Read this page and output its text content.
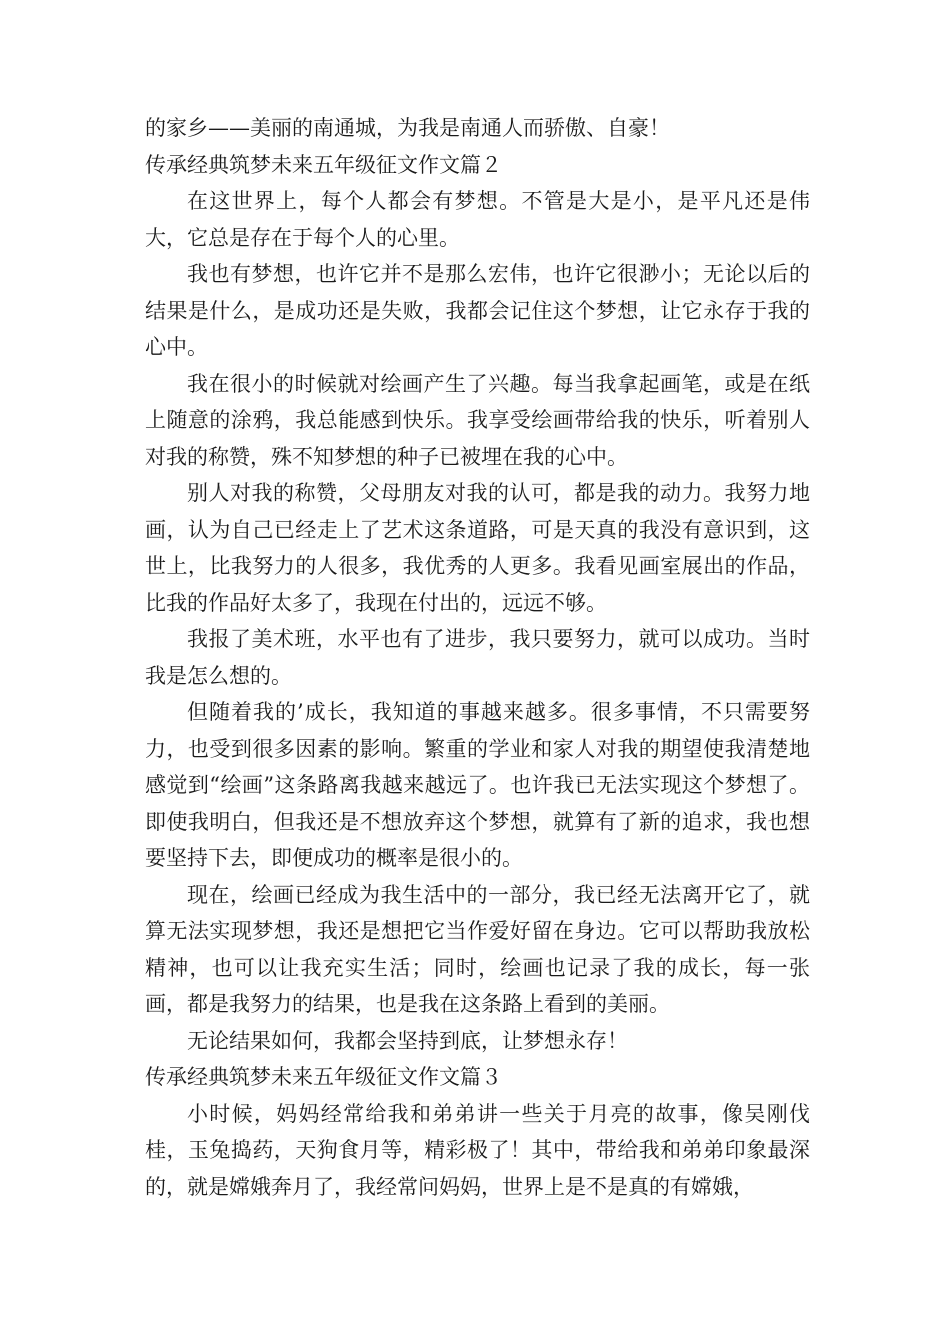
的家乡——美丽的南通城，为我是南通人而骄傲、自豪！

传承经典筑梦未来五年级征文作文篇２

在这世界上，每个人都会有梦想。不管是大是小，是平凡还是伟大，它总是存在于每个人的心里。

我也有梦想，也许它并不是那么宏伟，也许它很渺小；无论以后的结果是什么，是成功还是失败，我都会记住这个梦想，让它永存于我的心中。

我在很小的时候就对绘画产生了兴趣。每当我拿起画笔，或是在纸上随意的涂鸦，我总能感到快乐。我享受绘画带给我的快乐，听着别人对我的称赞，殊不知梦想的种子已被埋在我的心中。

别人对我的称赞，父母朋友对我的认可，都是我的动力。我努力地画，认为自己已经走上了艺术这条道路，可是天真的我没有意识到，这世上，比我努力的人很多，我优秀的人更多。我看见画室展出的作品，比我的作品好太多了，我现在付出的，远远不够。

我报了美术班，水平也有了进步，我只要努力，就可以成功。当时我是怎么想的。

但随着我的’成长，我知道的事越来越多。很多事情，不只需要努力，也受到很多因素的影响。繁重的学业和家人对我的期望使我清楚地感觉到“绘画”这条路离我越来越远了。也许我已无法实现这个梦想了。即使我明白，但我还是不想放弃这个梦想，就算有了新的追求，我也想要坚持下去，即便成功的概率是很小的。

现在，绘画已经成为我生活中的一部分，我已经无法离开它了，就算无法实现梦想，我还是想把它当作爱好留在身边。它可以帮助我放松精神，也可以让我充实生活；同时，绘画也记录了我的成长，每一张画，都是我努力的结果，也是我在这条路上看到的美丽。

无论结果如何，我都会坚持到底，让梦想永存！

传承经典筑梦未来五年级征文作文篇３

小时候，妈妈经常给我和弟弟讲一些关于月亮的故事，像吴刚伐桂，玉兔捣药，天狗食月等，精彩极了！其中，带给我和弟弟印象最深的，就是嫦娥奔月了，我经常问妈妈，世界上是不是真的有嫦娥，
